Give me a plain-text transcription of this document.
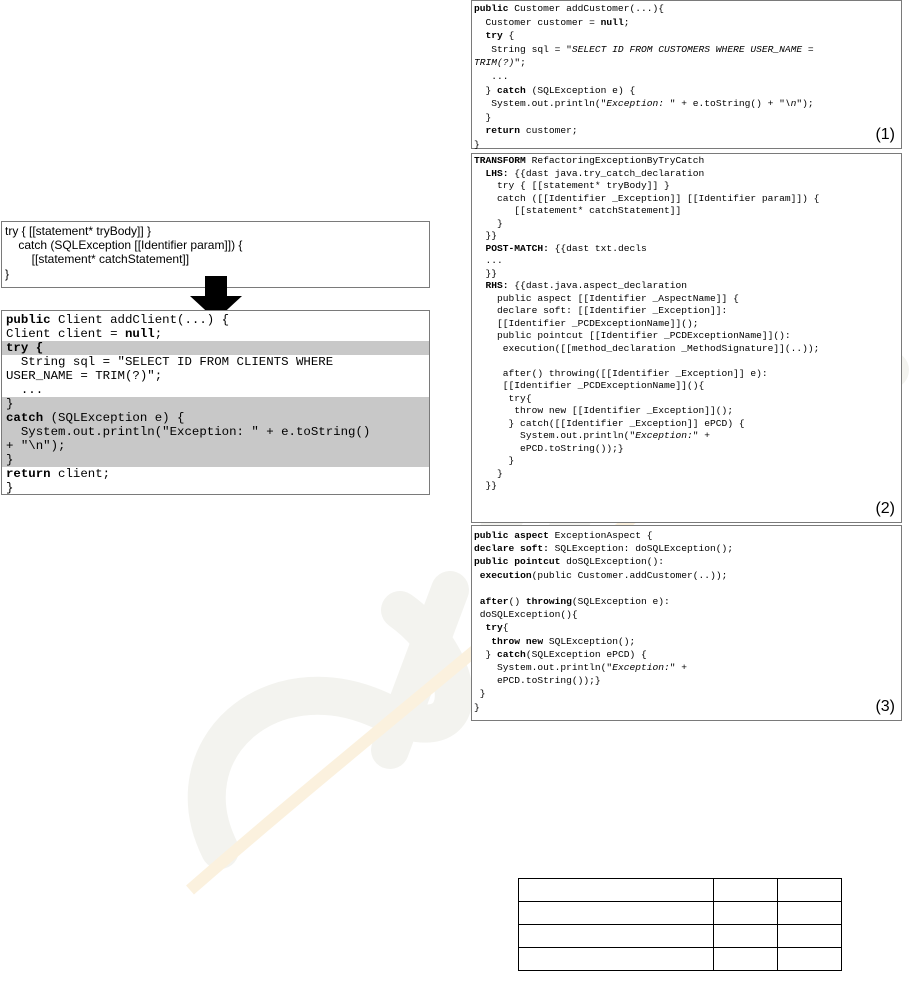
try { [[statement* tryBody]] }
catch (SQLException [[Identifier param]]) {
[[statement* catchStatement]]
}
public Client addClient(...) {
Client client = null;
try {
String sql = "SELECT ID FROM CLIENTS WHERE
USER_NAME = TRIM(?)";
...
}
catch (SQLException e) {
System.out.println("Exception: " + e.toString()
+ "\n");
}
return client;
}
public Customer addCustomer(...){
Customer customer = null;
try {
String sql = "SELECT ID FROM CUSTOMERS WHERE USER_NAME =
TRIM(?)";
...
} catch (SQLException e) {
System.out.println("Exception: " + e.toString() + "\n");
}
return customer;
}
(1)
TRANSFORM RefactoringExceptionByTryCatch
LHS: {{dast java.try_catch_declaration
try { [[statement* tryBody]] }
catch ([[Identifier _Exception]] [[Identifier param]]) {
[[statement* catchStatement]]
}
}}
POST-MATCH: {{dast txt.decls
...
}}
RHS: {{dast.java.aspect_declaration
public aspect [[Identifier _AspectName]] {
declare soft: [[Identifier _Exception]]:
[[Identifier _PCDExceptionName]]();
public pointcut [[Identifier _PCDExceptionName]]():
execution([[method_declaration _MethodSignature]](..));
after() throwing([[Identifier _Exception]] e):
[[Identifier _PCDExceptionName]](){
try{
throw new [[Identifier _Exception]]();
} catch([[Identifier _Exception]] ePCD) {
System.out.println("Exception:" +
ePCD.toString());}
}
}
}}
(2)
public aspect ExceptionAspect {
declare soft: SQLException: doSQLException();
public pointcut doSQLException():
execution(public Customer.addCustomer(..));
after() throwing(SQLException e):
doSQLException(){
try{
throw new SQLException();
} catch(SQLException ePCD) {
System.out.println("Exception:" +
ePCD.toString());}
}
}	(3)
